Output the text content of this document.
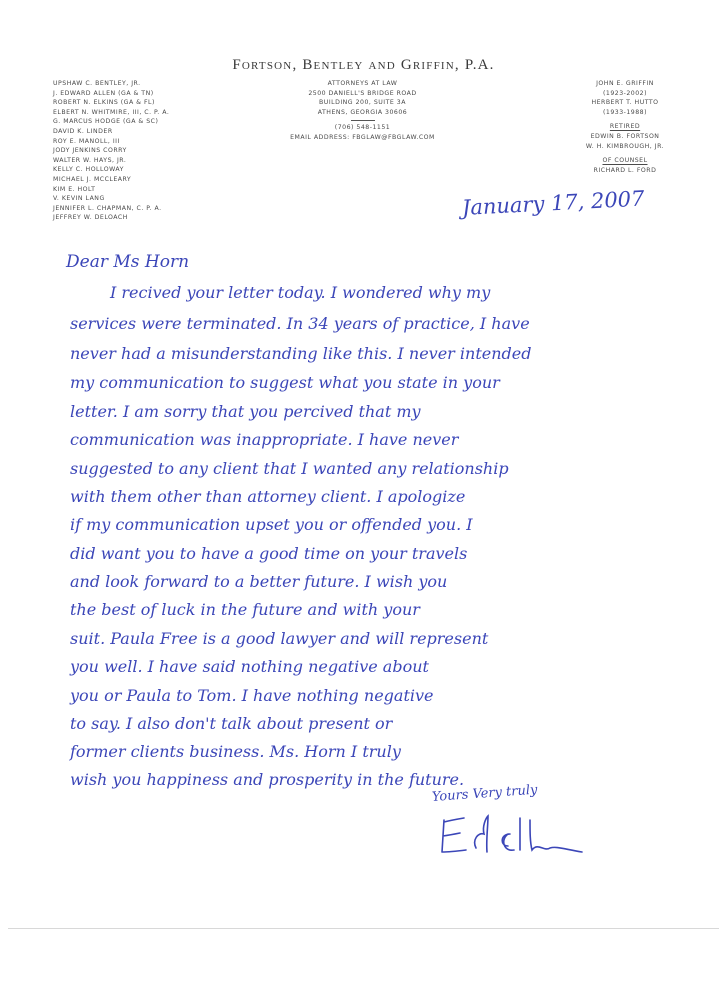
Fortson, Bentley and Griffin, P.A.
UPSHAW C. BENTLEY, JR.
J. EDWARD ALLEN (GA & TN)
ROBERT N. ELKINS (GA & FL)
ELBERT N. WHITMIRE, III, C. P. A.
G. MARCUS HODGE (GA & SC)
DAVID K. LINDER
ROY E. MANOLL, III
JODY JENKINS CORRY
WALTER W. HAYS, JR.
KELLY C. HOLLOWAY
MICHAEL J. MCCLEARY
KIM E. HOLT
V. KEVIN LANG
JENNIFER L. CHAPMAN, C. P. A.
JEFFREY W. DELOACH
ATTORNEYS AT LAW
2500 DANIELL'S BRIDGE ROAD
BUILDING 200, SUITE 3A
ATHENS, GEORGIA 30606
(706) 548-1151
EMAIL ADDRESS: FBGLAW@FBGLAW.COM
JOHN E. GRIFFIN
(1923-2002)
HERBERT T. HUTTO
(1933-1988)
RETIRED
EDWIN B. FORTSON
W. H. KIMBROUGH, JR.
OF COUNSEL
RICHARD L. FORD
January 17, 2007
Dear Ms Horn
I recived your letter today. I wondered why my
services were terminated. In 34 years of practice, I have
never had a misunderstanding like this. I never intended
my communication to suggest what you state in your
letter. I am sorry that you percived that my
communication was inappropriate. I have never
suggested to any client that I wanted any relationship
with them other than attorney client. I apologize
if my communication upset you or offended you. I
did want you to have a good time on your travels
and look forward to a better future. I wish you
the best of luck in the future and with your
suit. Paula Free is a good lawyer and will represent
you well. I have said nothing negative about
you or Paula to Tom. I have nothing negative
to say. I also don't talk about present or
former clients business. Ms. Horn I truly
wish you happiness and prosperity in the future.
Yours Very truly
